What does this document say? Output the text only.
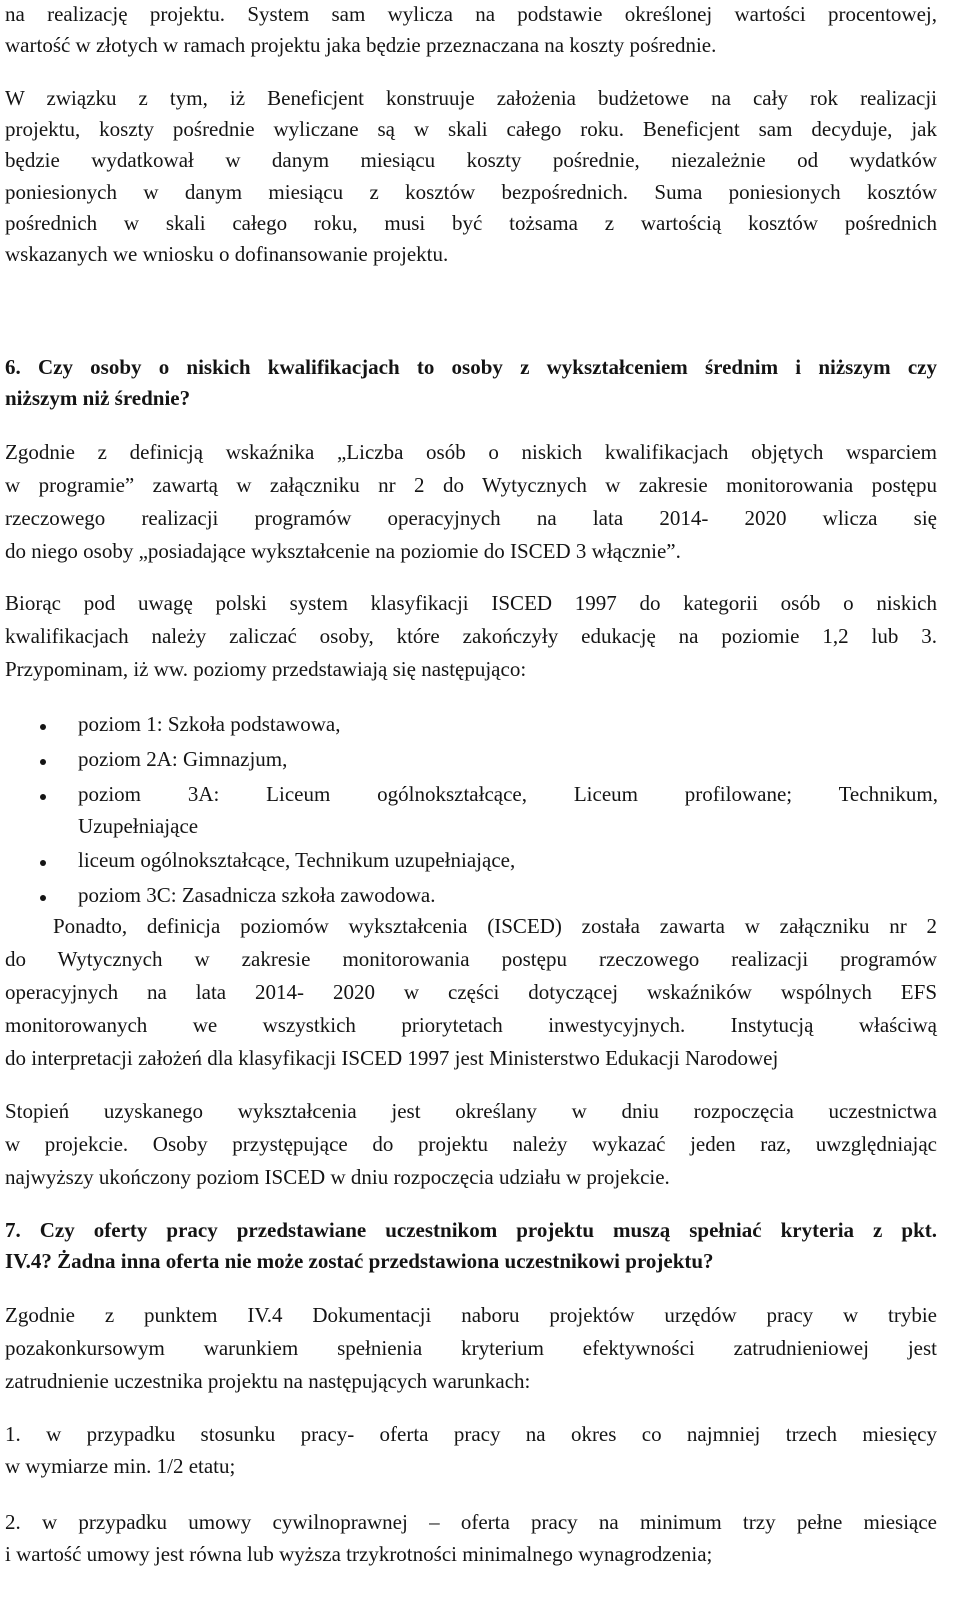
na realizację projektu. System sam wylicza na podstawie określonej wartości procentowej,
wartość w złotych w ramach projektu jaka będzie przeznaczana na koszty pośrednie.
W związku z tym, iż Beneficjent konstruuje założenia budżetowe na cały rok realizacji
projektu, koszty pośrednie wyliczane są w skali całego roku. Beneficjent sam decyduje, jak
będzie wydatkował w danym miesiącu koszty pośrednie, niezależnie od wydatków
poniesionych w danym miesiącu z kosztów bezpośrednich. Suma poniesionych kosztów
pośrednich w skali całego roku, musi być tożsama z wartością kosztów pośrednich
wskazanych we wniosku o dofinansowanie projektu.
6. Czy osoby o niskich kwalifikacjach to osoby z wykształceniem średnim i niższym czy
niższym niż średnie?
Zgodnie z definicją wskaźnika „Liczba osób o niskich kwalifikacjach objętych wsparciem
w programie” zawartą w załączniku nr 2 do Wytycznych w zakresie monitorowania postępu
rzeczowego realizacji programów operacyjnych na lata 2014- 2020 wlicza się
do niego osoby „posiadające wykształcenie na poziomie do ISCED 3 włącznie”.
Biorąc pod uwagę polski system klasyfikacji ISCED 1997 do kategorii osób o niskich
kwalifikacjach należy zaliczać osoby, które zakończyły edukację na poziomie 1,2 lub 3.
Przypominam, iż ww. poziomy przedstawiają się następująco:
poziom 1: Szkoła podstawowa,
poziom 2A: Gimnazjum,
poziom 3A: Liceum ogólnokształcące, Liceum profilowane; Technikum,
Uzupełniające
liceum ogólnokształcące, Technikum uzupełniające,
poziom 3C: Zasadnicza szkoła zawodowa.
Ponadto, definicja poziomów wykształcenia (ISCED) została zawarta w załączniku nr 2
do Wytycznych w zakresie monitorowania postępu rzeczowego realizacji programów
operacyjnych na lata 2014- 2020 w części dotyczącej wskaźników wspólnych EFS
monitorowanych we wszystkich priorytetach inwestycyjnych. Instytucją właściwą
do interpretacji założeń dla klasyfikacji ISCED 1997 jest Ministerstwo Edukacji Narodowej
Stopień uzyskanego wykształcenia jest określany w dniu rozpoczęcia uczestnictwa
w projekcie. Osoby przystępujące do projektu należy wykazać jeden raz, uwzględniając
najwyższy ukończony poziom ISCED w dniu rozpoczęcia udziału w projekcie.
7. Czy oferty pracy przedstawiane uczestnikom projektu muszą spełniać kryteria z pkt.
IV.4? Żadna inna oferta nie może zostać przedstawiona uczestnikowi projektu?
Zgodnie z punktem IV.4 Dokumentacji naboru projektów urzędów pracy w trybie
pozakonkursowym warunkiem spełnienia kryterium efektywności zatrudnieniowej jest
zatrudnienie uczestnika projektu na następujących warunkach:
1. w przypadku stosunku pracy- oferta pracy na okres co najmniej trzech miesięcy
w wymiarze min. 1/2 etatu;
2. w przypadku umowy cywilnoprawnej – oferta pracy na minimum trzy pełne miesiące
i wartość umowy jest równa lub wyższa trzykrotności minimalnego wynagrodzenia;
